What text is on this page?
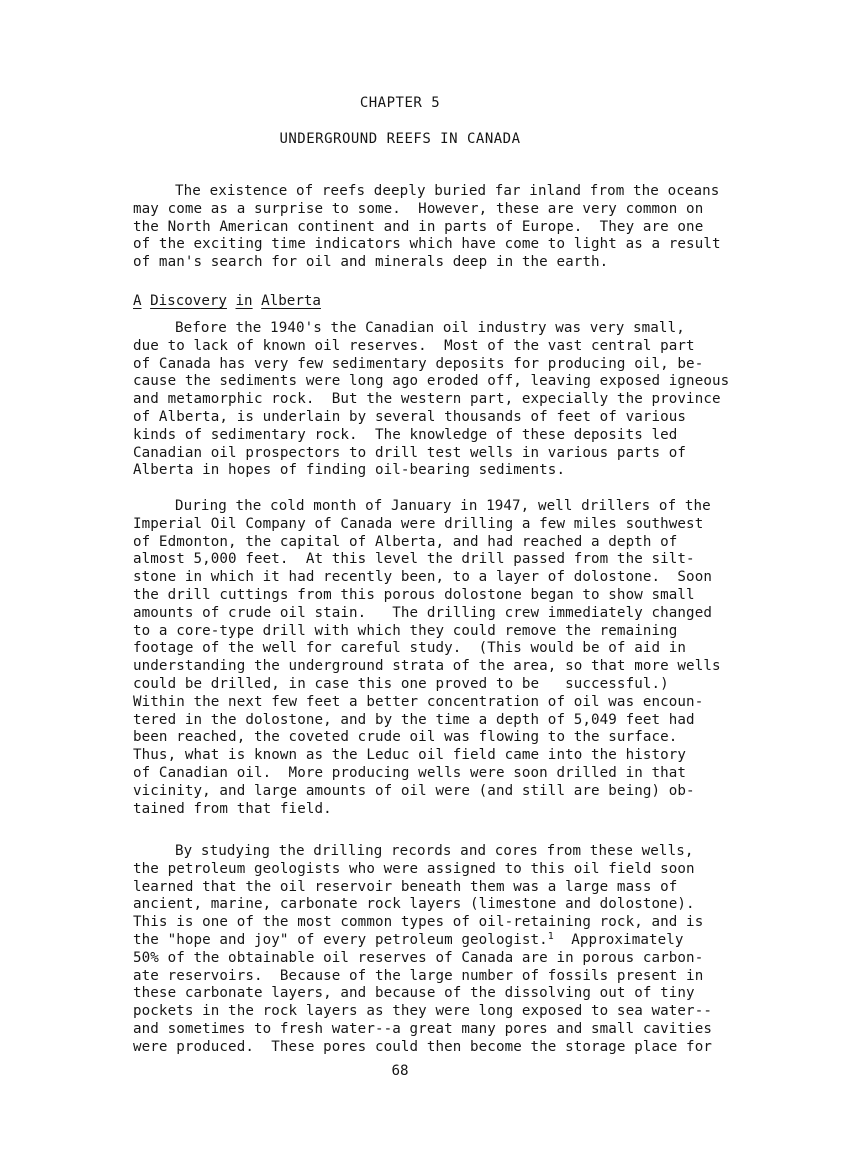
CHAPTER 5
UNDERGROUND REEFS IN CANADA

The existence of reefs deeply buried far inland from the oceans
may come as a surprise to some.  However, these are very common on
the North American continent and in parts of Europe.  They are one
of the exciting time indicators which have come to light as a result
of man's search for oil and minerals deep in the earth.

A Discovery in Alberta

Before the 1940's the Canadian oil industry was very small,
due to lack of known oil reserves.  Most of the vast central part
of Canada has very few sedimentary deposits for producing oil, be-
cause the sediments were long ago eroded off, leaving exposed igneous
and metamorphic rock.  But the western part, expecially the province
of Alberta, is underlain by several thousands of feet of various
kinds of sedimentary rock.  The knowledge of these deposits led
Canadian oil prospectors to drill test wells in various parts of
Alberta in hopes of finding oil-bearing sediments.

During the cold month of January in 1947, well drillers of the
Imperial Oil Company of Canada were drilling a few miles southwest
of Edmonton, the capital of Alberta, and had reached a depth of
almost 5,000 feet.  At this level the drill passed from the silt-
stone in which it had recently been, to a layer of dolostone.  Soon
the drill cuttings from this porous dolostone began to show small
amounts of crude oil stain.   The drilling crew immediately changed
to a core-type drill with which they could remove the remaining
footage of the well for careful study.  (This would be of aid in
understanding the underground strata of the area, so that more wells
could be drilled, in case this one proved to be   successful.)
Within the next few feet a better concentration of oil was encoun-
tered in the dolostone, and by the time a depth of 5,049 feet had
been reached, the coveted crude oil was flowing to the surface.
Thus, what is known as the Leduc oil field came into the history
of Canadian oil.  More producing wells were soon drilled in that
vicinity, and large amounts of oil were (and still are being) ob-
tained from that field.

By studying the drilling records and cores from these wells,
the petroleum geologists who were assigned to this oil field soon
learned that the oil reservoir beneath them was a large mass of
ancient, marine, carbonate rock layers (limestone and dolostone).
This is one of the most common types of oil-retaining rock, and is
the "hope and joy" of every petroleum geologist.$^1$  Approximately
50% of the obtainable oil reserves of Canada are in porous carbon-
ate reservoirs.  Because of the large number of fossils present in
these carbonate layers, and because of the dissolving out of tiny
pockets in the rock layers as they were long exposed to sea water--
and sometimes to fresh water--a great many pores and small cavities
were produced.  These pores could then become the storage place for

68
